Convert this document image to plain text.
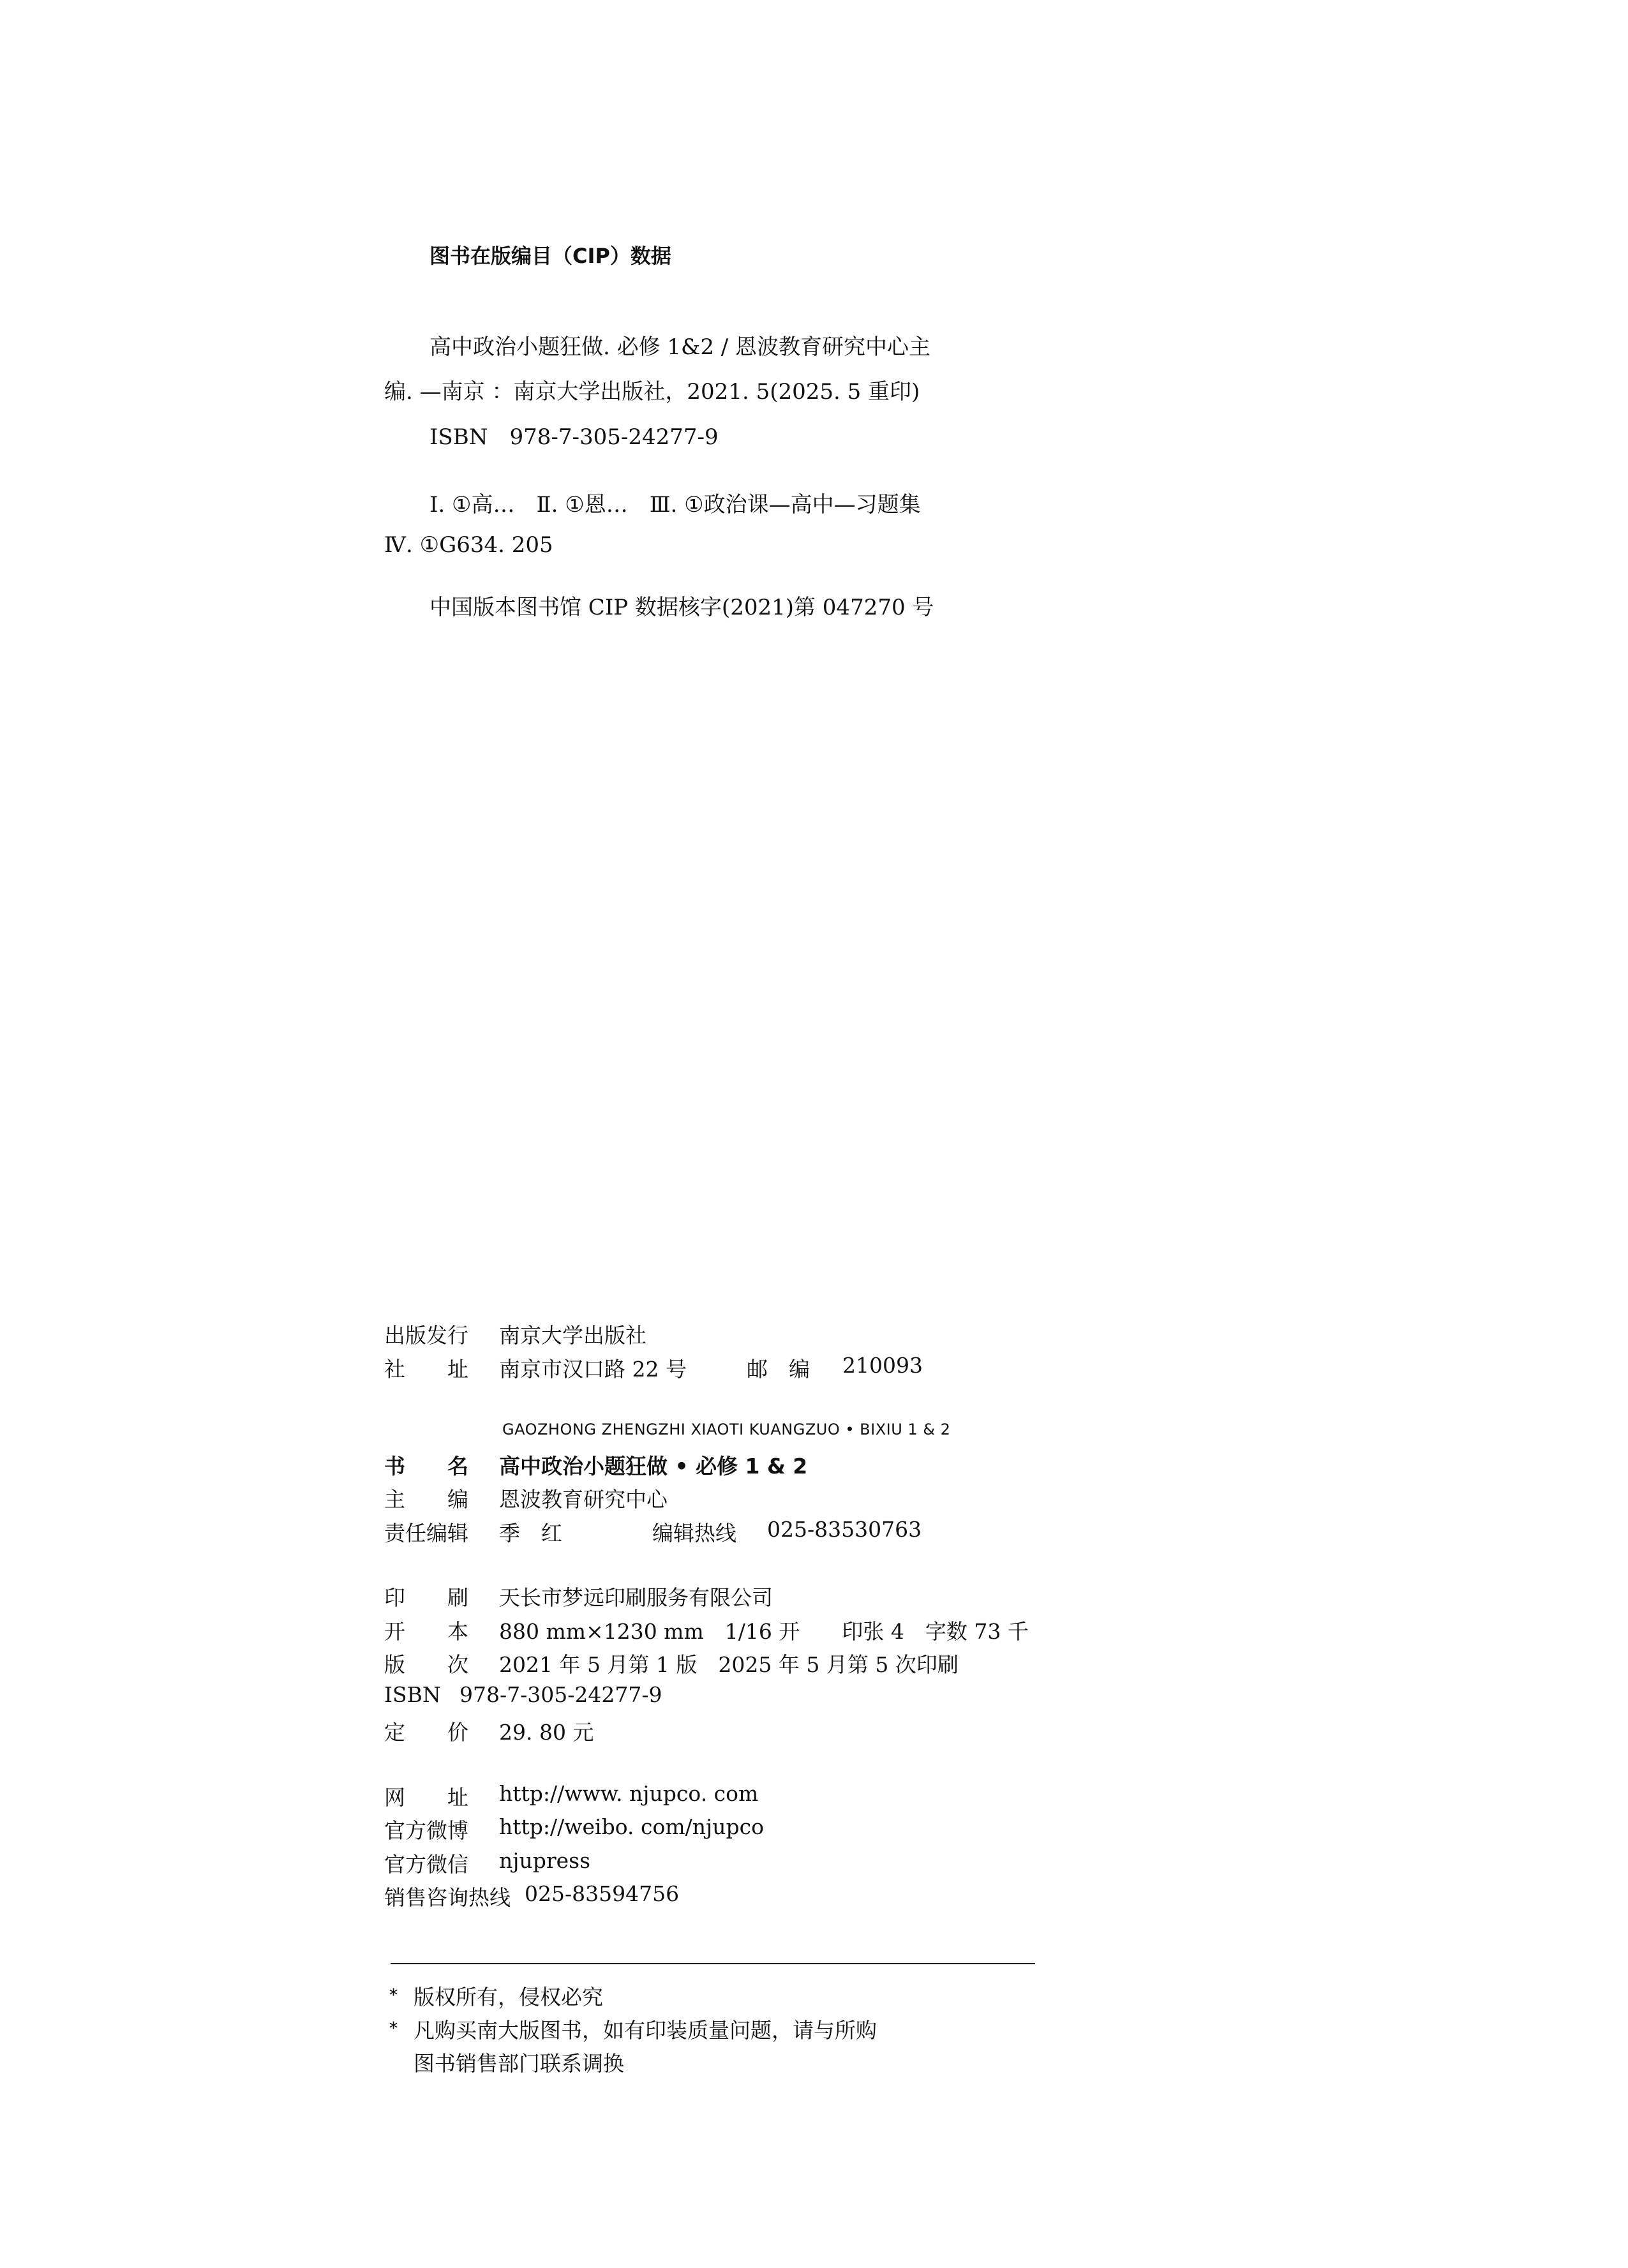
图书在版编目（CIP）数据
高中政治小题狂做. 必修 1&2 / 恩波教育研究中心主
编. —南京 ：南京大学出版社，2021. 5(2025. 5 重印)
ISBN　978-7-305-24277-9
Ⅰ. ①高…　Ⅱ. ①恩…　Ⅲ. ①政治课—高中—习题集
Ⅳ. ①G634. 205
中国版本图书馆 CIP 数据核字(2021)第 047270 号
出版发行 南京大学出版社
社　　址 南京市汉口路 22 号	邮　编 210093
GAOZHONG ZHENGZHI XIAOTI KUANGZUO • BIXIU 1 & 2
书　　名 高中政治小题狂做 • 必修 1 & 2
主　　编 恩波教育研究中心
责任编辑 季　红	编辑热线 025-83530763
印　　刷 天长市梦远印刷服务有限公司
开　　本 880 mm×1230 mm　1/16 开　　印张 4　字数 73 千
版　　次 2021 年 5 月第 1 版　2025 年 5 月第 5 次印刷
ISBN 978-7-305-24277-9
定　　价 29. 80 元
网　　址 http://www. njupco. com
官方微博 http://weibo. com/njupco
官方微信 njupress
销售咨询热线 025-83594756
* 版权所有，侵权必究
* 凡购买南大版图书，如有印装质量问题，请与所购
图书销售部门联系调换
